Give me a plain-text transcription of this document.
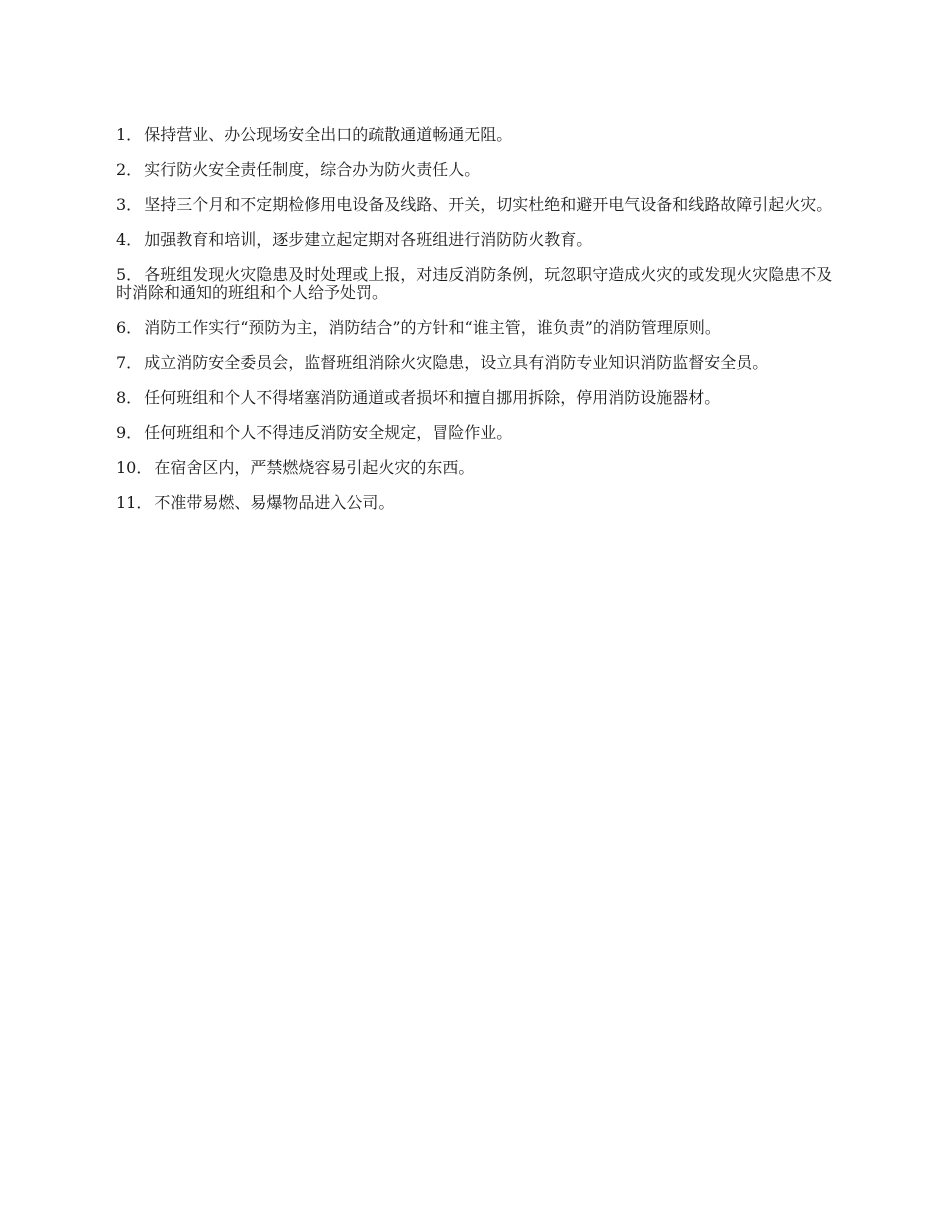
1． 保持营业、办公现场安全出口的疏散通道畅通无阻。

2． 实行防火安全责任制度，综合办为防火责任人。

3． 坚持三个月和不定期检修用电设备及线路、开关，切实杜绝和避开电气设备和线路故障引起火灾。

4． 加强教育和培训，逐步建立起定期对各班组进行消防防火教育。

5． 各班组发现火灾隐患及时处理或上报，对违反消防条例，玩忽职守造成火灾的或发现火灾隐患不及时消除和通知的班组和个人给予处罚。

6． 消防工作实行“预防为主，消防结合”的方针和“谁主管，谁负责”的消防管理原则。

7． 成立消防安全委员会，监督班组消除火灾隐患，设立具有消防专业知识消防监督安全员。

8． 任何班组和个人不得堵塞消防通道或者损坏和擅自挪用拆除，停用消防设施器材。

9． 任何班组和个人不得违反消防安全规定，冒险作业。

10． 在宿舍区内，严禁燃烧容易引起火灾的东西。

11． 不准带易燃、易爆物品进入公司。
